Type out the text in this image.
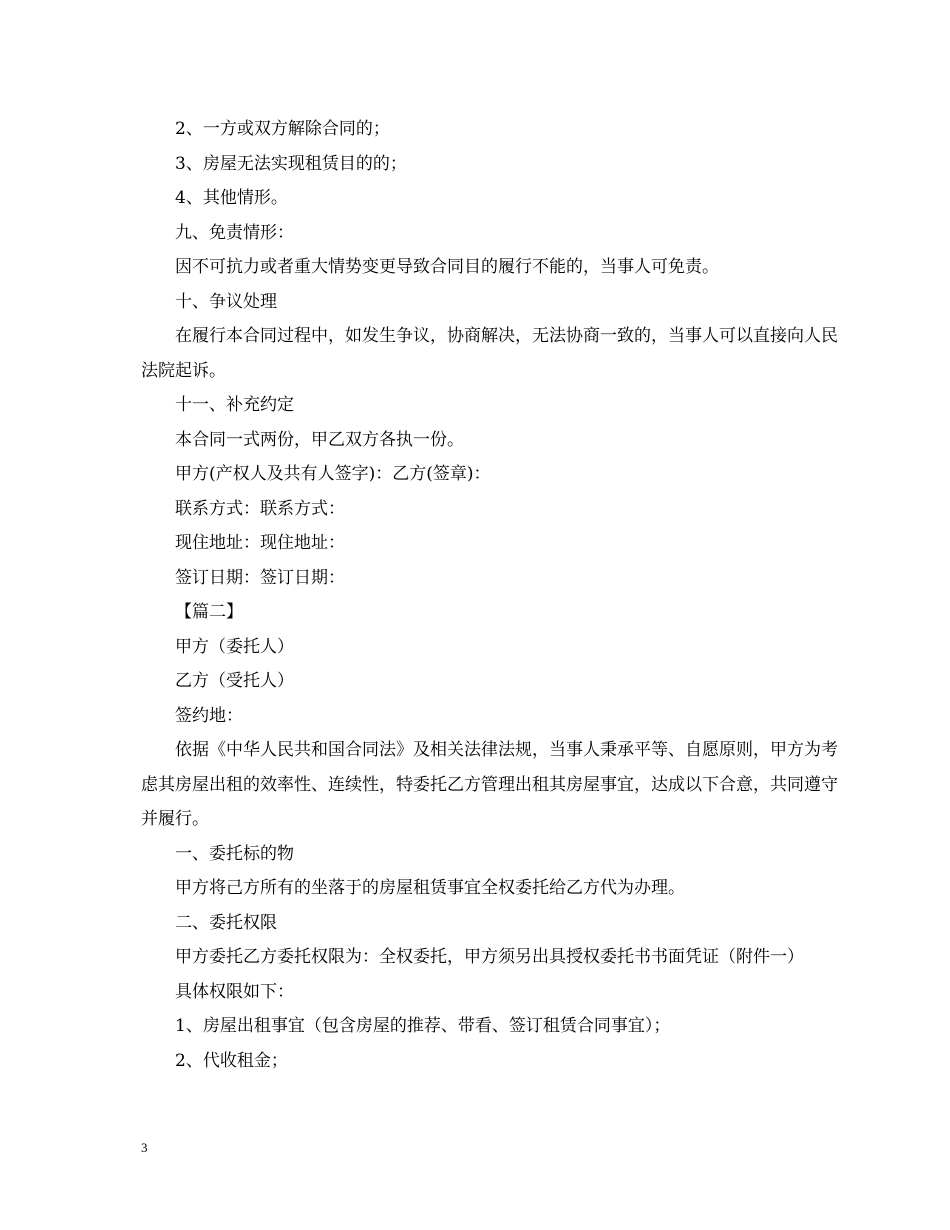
2、一方或双方解除合同的；

3、房屋无法实现租赁目的的；

4、其他情形。

九、免责情形：

因不可抗力或者重大情势变更导致合同目的履行不能的，当事人可免责。

十、争议处理

在履行本合同过程中，如发生争议，协商解决，无法协商一致的，当事人可以直接向人民法院起诉。

十一、补充约定

本合同一式两份，甲乙双方各执一份。

甲方(产权人及共有人签字)：乙方(签章)：

联系方式：联系方式：

现住地址：现住地址：

签订日期：签订日期：

【篇二】

甲方（委托人）

乙方（受托人）

签约地：

依据《中华人民共和国合同法》及相关法律法规，当事人秉承平等、自愿原则，甲方为考虑其房屋出租的效率性、连续性，特委托乙方管理出租其房屋事宜，达成以下合意，共同遵守并履行。

一、委托标的物

甲方将己方所有的坐落于的房屋租赁事宜全权委托给乙方代为办理。

二、委托权限

甲方委托乙方委托权限为：全权委托，甲方须另出具授权委托书书面凭证（附件一）

具体权限如下：

1、房屋出租事宜（包含房屋的推荐、带看、签订租赁合同事宜）；

2、代收租金；

3
